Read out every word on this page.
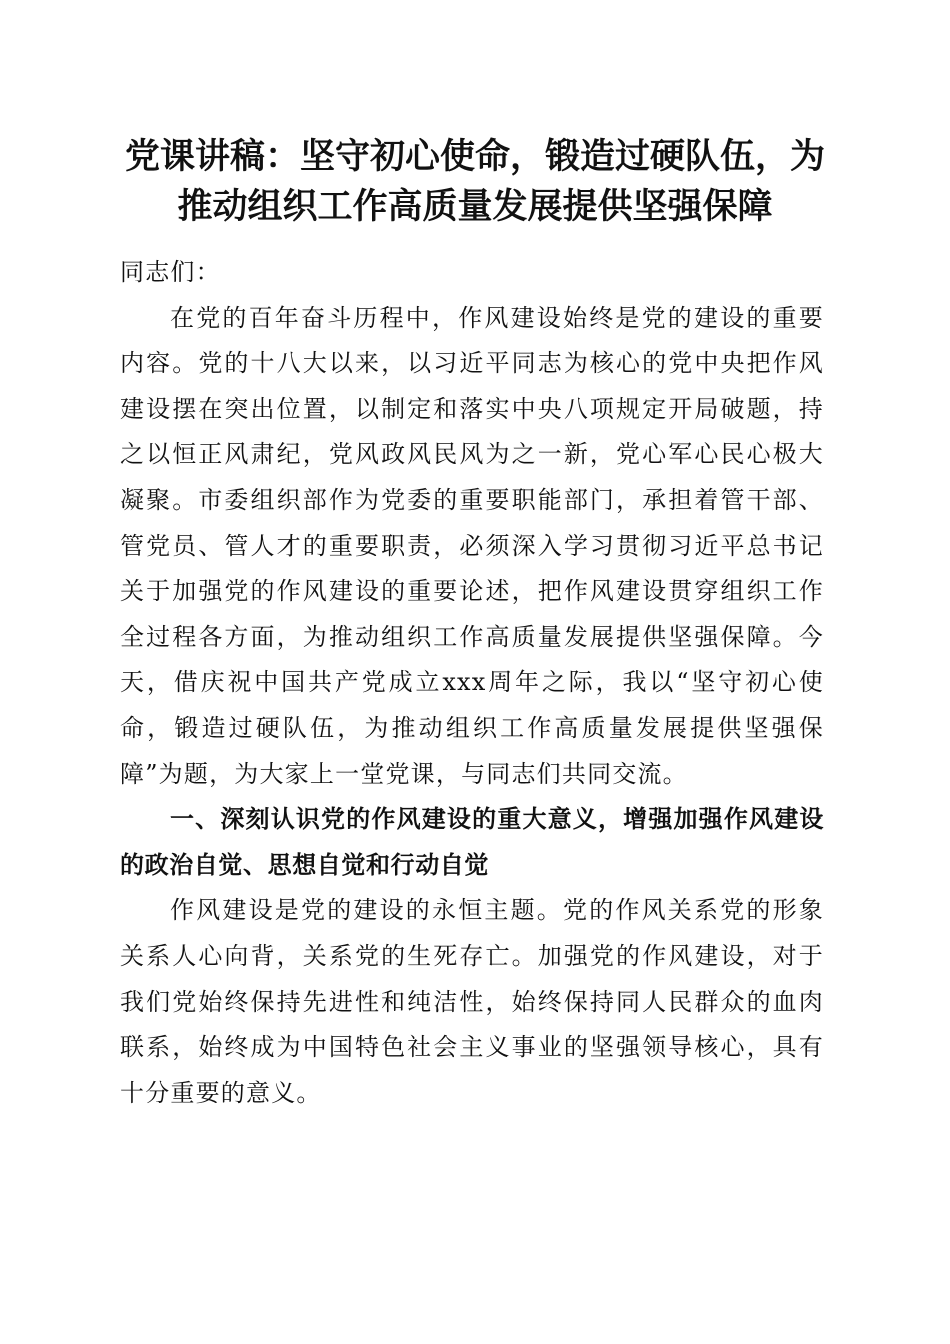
党课讲稿：坚守初心使命，锻造过硬队伍，为
推动组织工作高质量发展提供坚强保障

同志们：

在党的百年奋斗历程中，作风建设始终是党的建设的重要内容。党的十八大以来，以习近平同志为核心的党中央把作风建设摆在突出位置，以制定和落实中央八项规定开局破题，持之以恒正风肃纪，党风政风民风为之一新，党心军心民心极大凝聚。市委组织部作为党委的重要职能部门，承担着管干部、管党员、管人才的重要职责，必须深入学习贯彻习近平总书记关于加强党的作风建设的重要论述，把作风建设贯穿组织工作全过程各方面，为推动组织工作高质量发展提供坚强保障。今天，借庆祝中国共产党成立xxx周年之际，我以“坚守初心使命，锻造过硬队伍，为推动组织工作高质量发展提供坚强保障”为题，为大家上一堂党课，与同志们共同交流。

一、深刻认识党的作风建设的重大意义，增强加强作风建设的政治自觉、思想自觉和行动自觉

作风建设是党的建设的永恒主题。党的作风关系党的形象关系人心向背，关系党的生死存亡。加强党的作风建设，对于我们党始终保持先进性和纯洁性，始终保持同人民群众的血肉联系，始终成为中国特色社会主义事业的坚强领导核心，具有十分重要的意义。
